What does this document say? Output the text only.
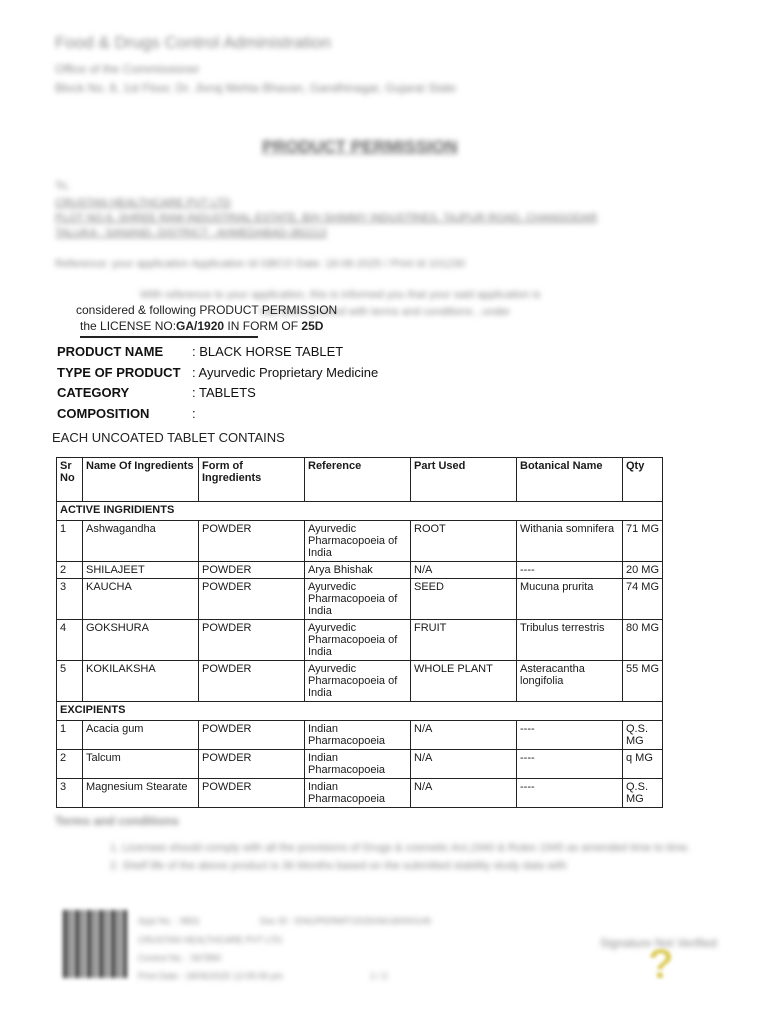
Food & Drugs Control Administration
Office of the Commissioner
Block No. 8, 1st Floor, Dr. Jivraj Mehta Bhavan, Gandhinagar, Gujarat State
PRODUCT PERMISSION
To,
CRUSTAN HEALTHCARE PVT LTD
PLOT NO.6, SHREE RAM INDUSTRIAL ESTATE, B/H SHIMMY INDUSTRIES, TAJPUR ROAD, CHANGODAR
TALUKA : SANAND, DISTRICT : AHMEDABAD-382213
Reference: your application Application Id GBCO Date: 18-06-2025 / Print Id 101230
With reference to your application, this is informed you that your said application is
has been granted with terms and conditions , under
considered & following PRODUCT PERMISSION
the LICENSE NO:GA/1920 IN FORM OF 25D
PRODUCT NAME : BLACK HORSE TABLET
TYPE OF PRODUCT : Ayurvedic Proprietary Medicine
CATEGORY	: TABLETS
COMPOSITION	:
EACH UNCOATED TABLET CONTAINS
Sr No	Name Of Ingredients	Form of Ingredients	Reference	Part Used	Botanical Name	Qty
ACTIVE INGRIDIENTS						
1	Ashwagandha	POWDER	Ayurvedic Pharmacopoeia of India	ROOT	Withania somnifera	71 MG
2	SHILAJEET	POWDER	Arya Bhishak	N/A	----	20 MG
3	KAUCHA	POWDER	Ayurvedic Pharmacopoeia of India	SEED	Mucuna prurita	74 MG
4	GOKSHURA	POWDER	Ayurvedic Pharmacopoeia of India	FRUIT	Tribulus terrestris	80 MG
5	KOKILAKSHA	POWDER	Ayurvedic Pharmacopoeia of India	WHOLE PLANT	Asteracantha longifolia	55 MG
EXCIPIENTS						
1	Acacia gum	POWDER	Indian Pharmacopoeia	N/A	----	Q.S. MG
2	Talcum	POWDER	Indian Pharmacopoeia	N/A	----	q MG
3	Magnesium Stearate	POWDER	Indian Pharmacopoeia	N/A	----	Q.S. MG
Terms and conditions
1. Licensee should comply with all the provisions of Drugs & cosmetic Act,1940 & Rules 1945 as amended time to time.
2. Shelf life of the above product is 36 Months based on the submitted stability study data with
Appl No. : 9831	Doc ID : ENG/PERMIT/2025/06/18/000145
CRUSTAN HEALTHCARE PVT LTD
Control No. : 567890
Print Date : 18/06/2025 12:05:06 pm	1 / 2
Signature Not Verified
?
